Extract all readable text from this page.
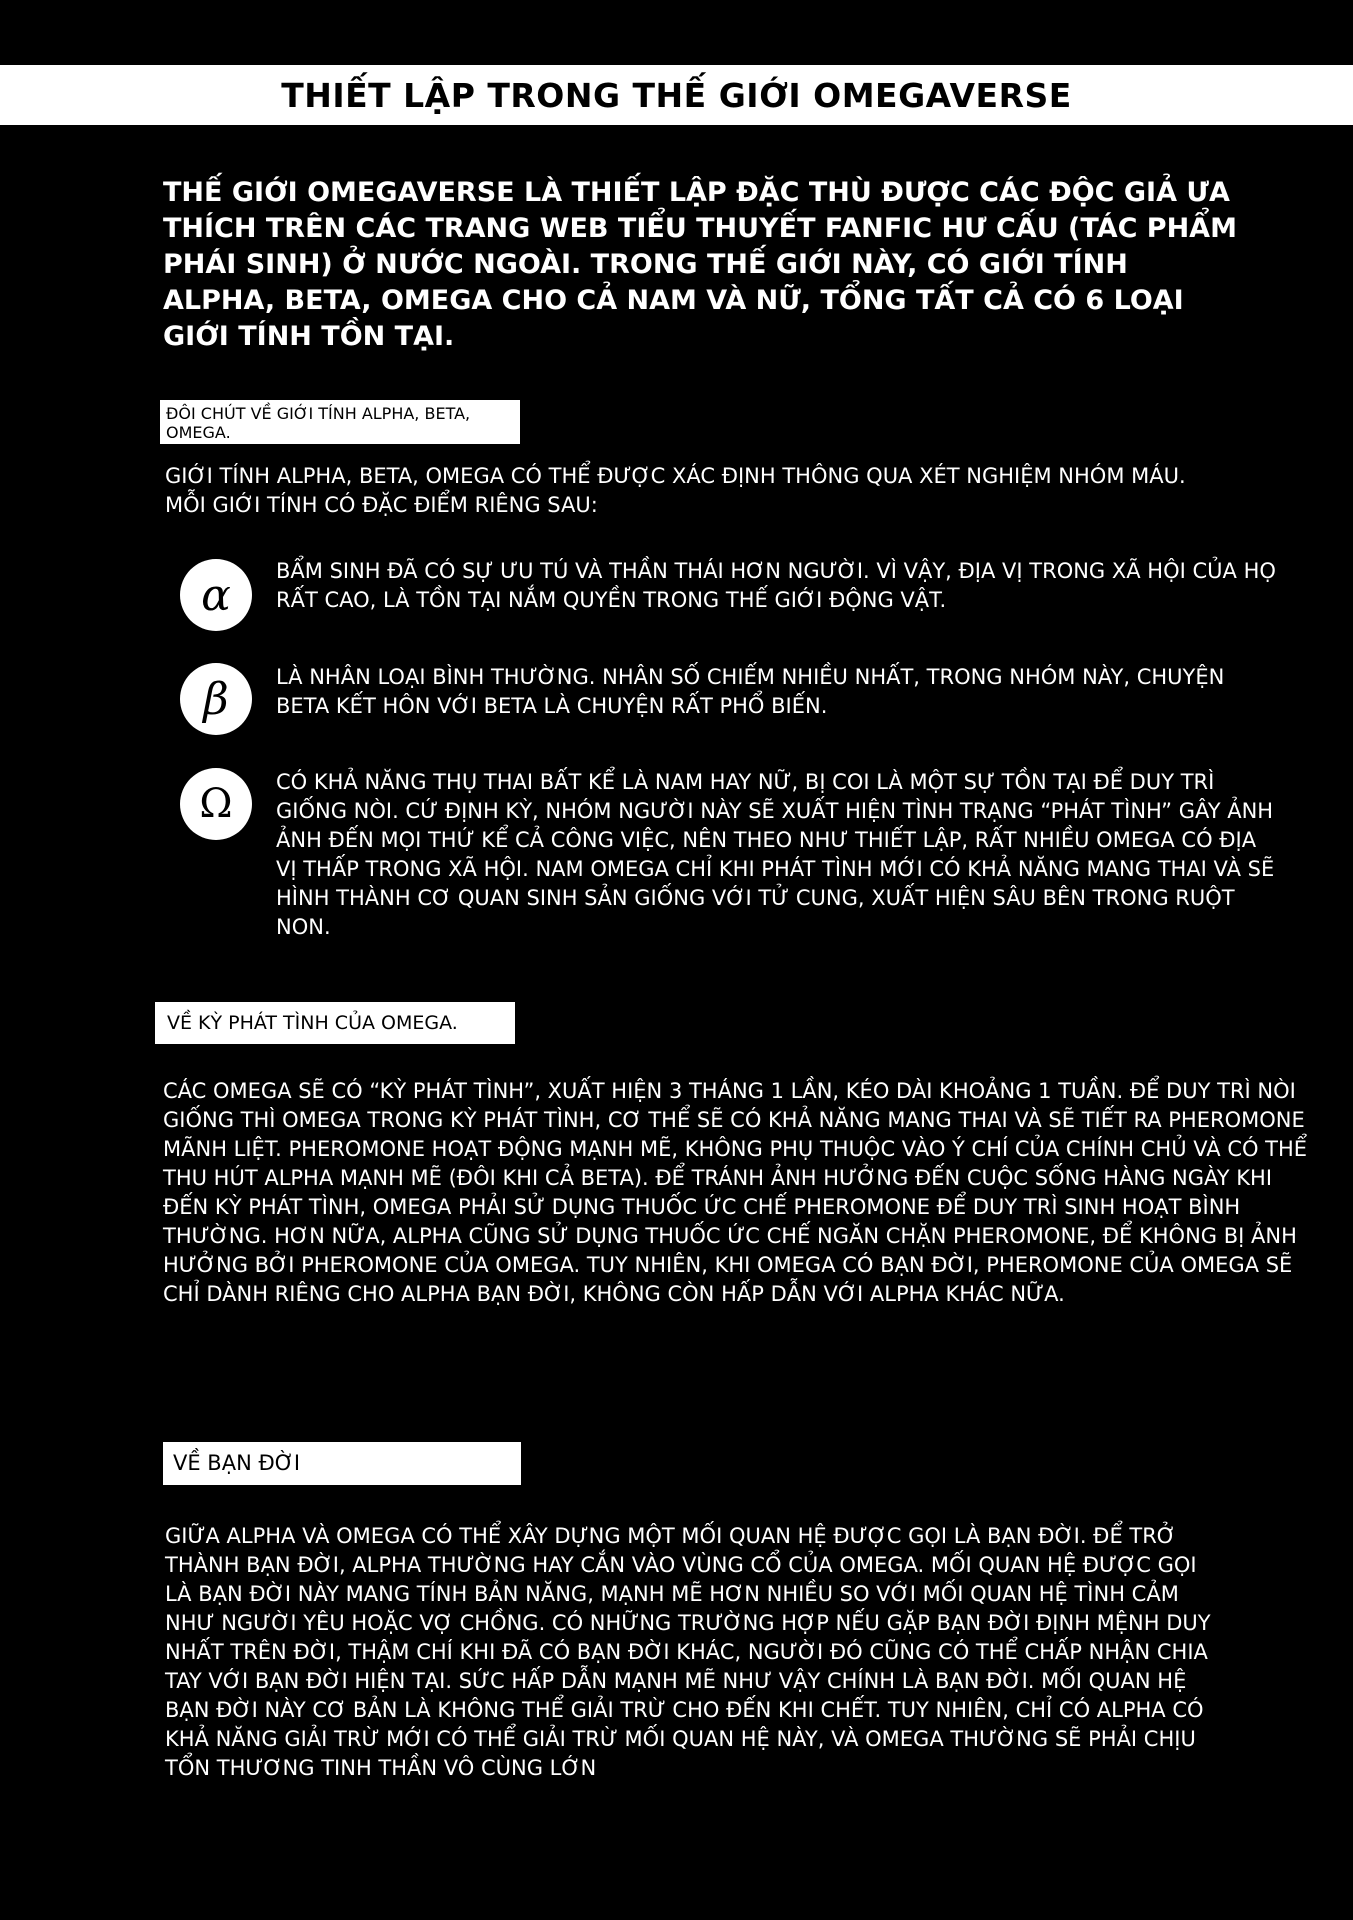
THIẾT LẬP TRONG THẾ GIỚI OMEGAVERSE
THẾ GIỚI OMEGAVERSE LÀ THIẾT LẬP ĐẶC THÙ ĐƯỢC CÁC ĐỘC GIẢ ƯA THÍCH TRÊN CÁC TRANG WEB TIỂU THUYẾT FANFIC HƯ CẤU (TÁC PHẨM PHÁI SINH) Ở NƯỚC NGOÀI. TRONG THẾ GIỚI NÀY, CÓ GIỚI TÍNH ALPHA, BETA, OMEGA CHO CẢ NAM VÀ NỮ, TỔNG TẤT CẢ CÓ 6 LOẠI GIỚI TÍNH TỒN TẠI.
ĐÔI CHÚT VỀ GIỚI TÍNH ALPHA, BETA, OMEGA.
GIỚI TÍNH ALPHA, BETA, OMEGA CÓ THỂ ĐƯỢC XÁC ĐỊNH THÔNG QUA XÉT NGHIỆM NHÓM MÁU. MỖI GIỚI TÍNH CÓ ĐẶC ĐIỂM RIÊNG SAU:
α	BẨM SINH ĐÃ CÓ SỰ ƯU TÚ VÀ THẦN THÁI HƠN NGƯỜI. VÌ VẬY, ĐỊA VỊ TRONG XÃ HỘI CỦA HỌ RẤT CAO, LÀ TỒN TẠI NẮM QUYỀN TRONG THẾ GIỚI ĐỘNG VẬT.
β	LÀ NHÂN LOẠI BÌNH THƯỜNG. NHÂN SỐ CHIẾM NHIỀU NHẤT, TRONG NHÓM NÀY, CHUYỆN BETA KẾT HÔN VỚI BETA LÀ CHUYỆN RẤT PHỔ BIẾN.
Ω	CÓ KHẢ NĂNG THỤ THAI BẤT KỂ LÀ NAM HAY NỮ, BỊ COI LÀ MỘT SỰ TỒN TẠI ĐỂ DUY TRÌ GIỐNG NÒI. CỨ ĐỊNH KỲ, NHÓM NGƯỜI NÀY SẼ XUẤT HIỆN TÌNH TRẠNG “PHÁT TÌNH” GÂY ẢNH ẢNH ĐẾN MỌI THỨ KỂ CẢ CÔNG VIỆC, NÊN THEO NHƯ THIẾT LẬP, RẤT NHIỀU OMEGA CÓ ĐỊA VỊ THẤP TRONG XÃ HỘI. NAM OMEGA CHỈ KHI PHÁT TÌNH MỚI CÓ KHẢ NĂNG MANG THAI VÀ SẼ HÌNH THÀNH CƠ QUAN SINH SẢN GIỐNG VỚI TỬ CUNG, XUẤT HIỆN SÂU BÊN TRONG RUỘT NON.
VỀ KỲ PHÁT TÌNH CỦA OMEGA.
CÁC OMEGA SẼ CÓ “KỲ PHÁT TÌNH”, XUẤT HIỆN 3 THÁNG 1 LẦN, KÉO DÀI KHOẢNG 1 TUẦN. ĐỂ DUY TRÌ NÒI GIỐNG THÌ OMEGA TRONG KỲ PHÁT TÌNH, CƠ THỂ SẼ CÓ KHẢ NĂNG MANG THAI VÀ SẼ TIẾT RA PHEROMONE MÃNH LIỆT. PHEROMONE HOẠT ĐỘNG MẠNH MẼ, KHÔNG PHỤ THUỘC VÀO Ý CHÍ CỦA CHÍNH CHỦ VÀ CÓ THỂ THU HÚT ALPHA MẠNH MẼ (ĐÔI KHI CẢ BETA). ĐỂ TRÁNH ẢNH HƯỞNG ĐẾN CUỘC SỐNG HÀNG NGÀY KHI ĐẾN KỲ PHÁT TÌNH, OMEGA PHẢI SỬ DỤNG THUỐC ỨC CHẾ PHEROMONE ĐỂ DUY TRÌ SINH HOẠT BÌNH THƯỜNG. HƠN NỮA, ALPHA CŨNG SỬ DỤNG THUỐC ỨC CHẾ NGĂN CHẶN PHEROMONE, ĐỂ KHÔNG BỊ ẢNH HƯỞNG BỞI PHEROMONE CỦA OMEGA. TUY NHIÊN, KHI OMEGA CÓ BẠN ĐỜI, PHEROMONE CỦA OMEGA SẼ CHỈ DÀNH RIÊNG CHO ALPHA BẠN ĐỜI, KHÔNG CÒN HẤP DẪN VỚI ALPHA KHÁC NỮA.
VỀ BẠN ĐỜI
GIỮA ALPHA VÀ OMEGA CÓ THỂ XÂY DỰNG MỘT MỐI QUAN HỆ ĐƯỢC GỌI LÀ BẠN ĐỜI. ĐỂ TRỞ THÀNH BẠN ĐỜI, ALPHA THƯỜNG HAY CẮN VÀO VÙNG CỔ CỦA OMEGA. MỐI QUAN HỆ ĐƯỢC GỌI LÀ BẠN ĐỜI NÀY MANG TÍNH BẢN NĂNG, MẠNH MẼ HƠN NHIỀU SO VỚI MỐI QUAN HỆ TÌNH CẢM NHƯ NGƯỜI YÊU HOẶC VỢ CHỒNG. CÓ NHỮNG TRƯỜNG HỢP NẾU GẶP BẠN ĐỜI ĐỊNH MỆNH DUY NHẤT TRÊN ĐỜI, THẬM CHÍ KHI ĐÃ CÓ BẠN ĐỜI KHÁC, NGƯỜI ĐÓ CŨNG CÓ THỂ CHẤP NHẬN CHIA TAY VỚI BẠN ĐỜI HIỆN TẠI. SỨC HẤP DẪN MẠNH MẼ NHƯ VẬY CHÍNH LÀ BẠN ĐỜI. MỐI QUAN HỆ BẠN ĐỜI NÀY CƠ BẢN LÀ KHÔNG THỂ GIẢI TRỪ CHO ĐẾN KHI CHẾT. TUY NHIÊN, CHỈ CÓ ALPHA CÓ KHẢ NĂNG GIẢI TRỪ MỚI CÓ THỂ GIẢI TRỪ MỐI QUAN HỆ NÀY, VÀ OMEGA THƯỜNG SẼ PHẢI CHỊU TỔN THƯƠNG TINH THẦN VÔ CÙNG LỚN
